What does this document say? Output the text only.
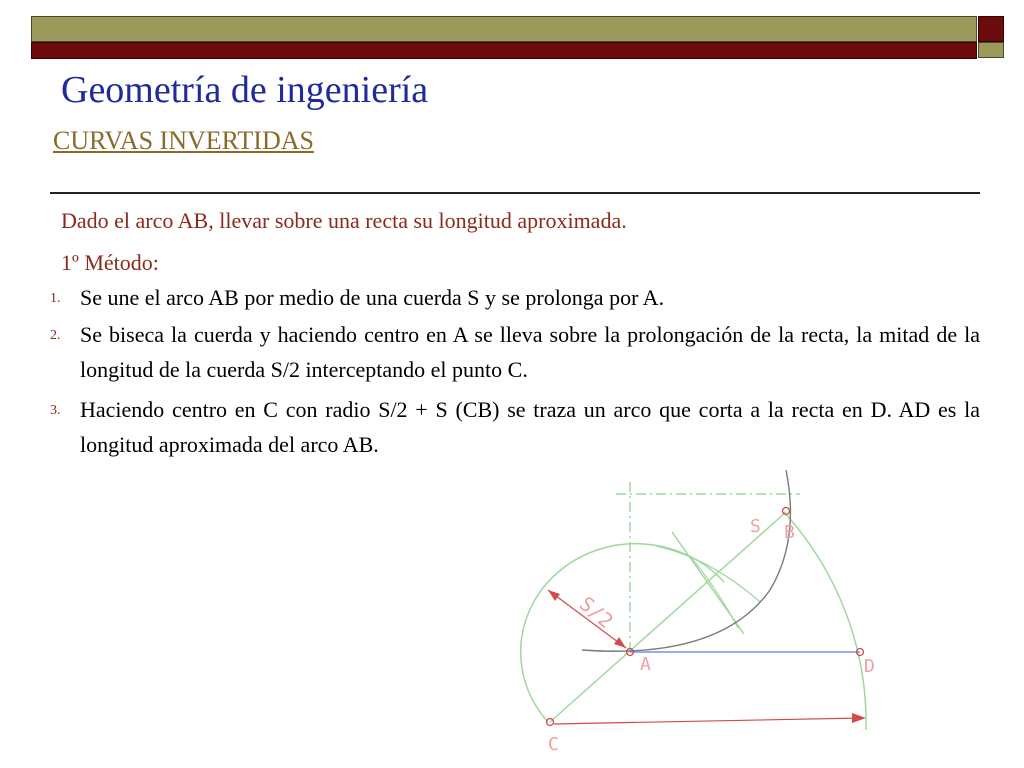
Geometría de ingeniería
CURVAS INVERTIDAS
Dado el arco AB, llevar sobre una recta su longitud aproximada.
1º Método:
1. Se une el arco AB por medio de una cuerda S y se prolonga por A.
2. Se biseca la cuerda y haciendo centro en A se lleva sobre la prolongación de la recta, la mitad de la longitud de la cuerda S/2 interceptando el punto C.
3. Haciendo centro en C con radio S/2 + S (CB) se traza un arco que corta a la recta en D. AD es la longitud aproximada del arco AB.
S B
S/2
A	D
C
